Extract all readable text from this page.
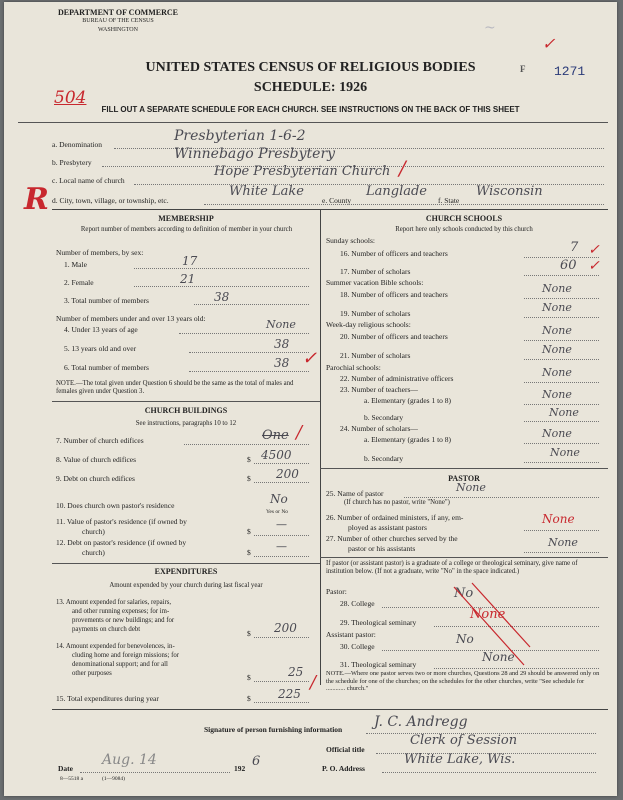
DEPARTMENT OF COMMERCE
BUREAU OF THE CENSUS
WASHINGTON	~
✓
F 1271
UNITED STATES CENSUS OF RELIGIOUS BODIES
SCHEDULE: 1926
504
FILL OUT A SEPARATE SCHEDULE FOR EACH CHURCH. SEE INSTRUCTIONS ON THE BACK OF THIS SHEET
a. Denomination
Presbyterian 1-6-2
b. Presbytery
Winnebago Presbytery
c. Local name of church
Hope Presbyterian Church /
R d. City, town, village, or township, etc.
White Lake
e. County
Langlade
f. State
Wisconsin
MEMBERSHIP
Report number of members according to definition of member in your church
Number of members, by sex:
1. Male	17
2. Female	21
3. Total number of members	38
Number of members under and over 13 years old:
4. Under 13 years of age	None
5. 13 years old and over	38
6. Total number of members	38 ✓
NOTE.—The total given under Question 6 should be the same as the total of males and females given under Question 3.
CHURCH BUILDINGS
See instructions, paragraphs 10 to 12
7. Number of church edifices	One /
8. Value of church edifices	$ 4500
9. Debt on church edifices	$ 200
10. Does church own pastor's residence	No
Yes or No
11. Value of pastor's residence (if owned by
church)	$
—
12. Debt on pastor's residence (if owned by
church)	$ —
EXPENDITURES
Amount expended by your church during last fiscal year
13. Amount expended for salaries, repairs,
and other running expenses; for im-
provements or new buildings; and for
payments on church debt	$ 200
14. Amount expended for benevolences, in-
cluding home and foreign missions; for
denominational support; and for all
other purposes	$	25
15. Total expenditures during year	$ 225
/
CHURCH SCHOOLS
Report here only schools conducted by this church
Sunday schools:
16. Number of officers and teachers	7 ✓
17. Number of scholars	60 ✓
Summer vacation Bible schools:
18. Number of officers and teachers	None
19. Number of scholars	None
Week-day religious schools:
20. Number of officers and teachers	None
21. Number of scholars	None
Parochial schools:
22. Number of administrative officers	None
23. Number of teachers—
a. Elementary (grades 1 to 8)	None
b. Secondary	None
24. Number of scholars—
a. Elementary (grades 1 to 8)	None
b. Secondary	None
PASTOR
25. Name of pastor	None
(If church has no pastor, write "None")
26. Number of ordained ministers, if any, em-
ployed as assistant pastors
None
27. Number of other churches served by the
pastor or his assistants	None
If pastor (or assistant pastor) is a graduate of a college or theological seminary, give name of institution below. (If not a graduate, write "No" in the space indicated.)
Pastor:
28. College
No
29. Theological seminary
None
Assistant pastor:
30. College
No
31. Theological seminary
None
NOTE.—Where one pastor serves two or more churches, Questions 28 and 29 should be answered only on the schedule for one of the churches; on the schedules for the other churches, write "See schedule for ............ church."
Signature of person furnishing information J. C. Andregg
Official title
Clerk of Session
Date
Aug. 14
192 6	P. O. Address
White Lake, Wis.
8—5518 a	(1—9084)
